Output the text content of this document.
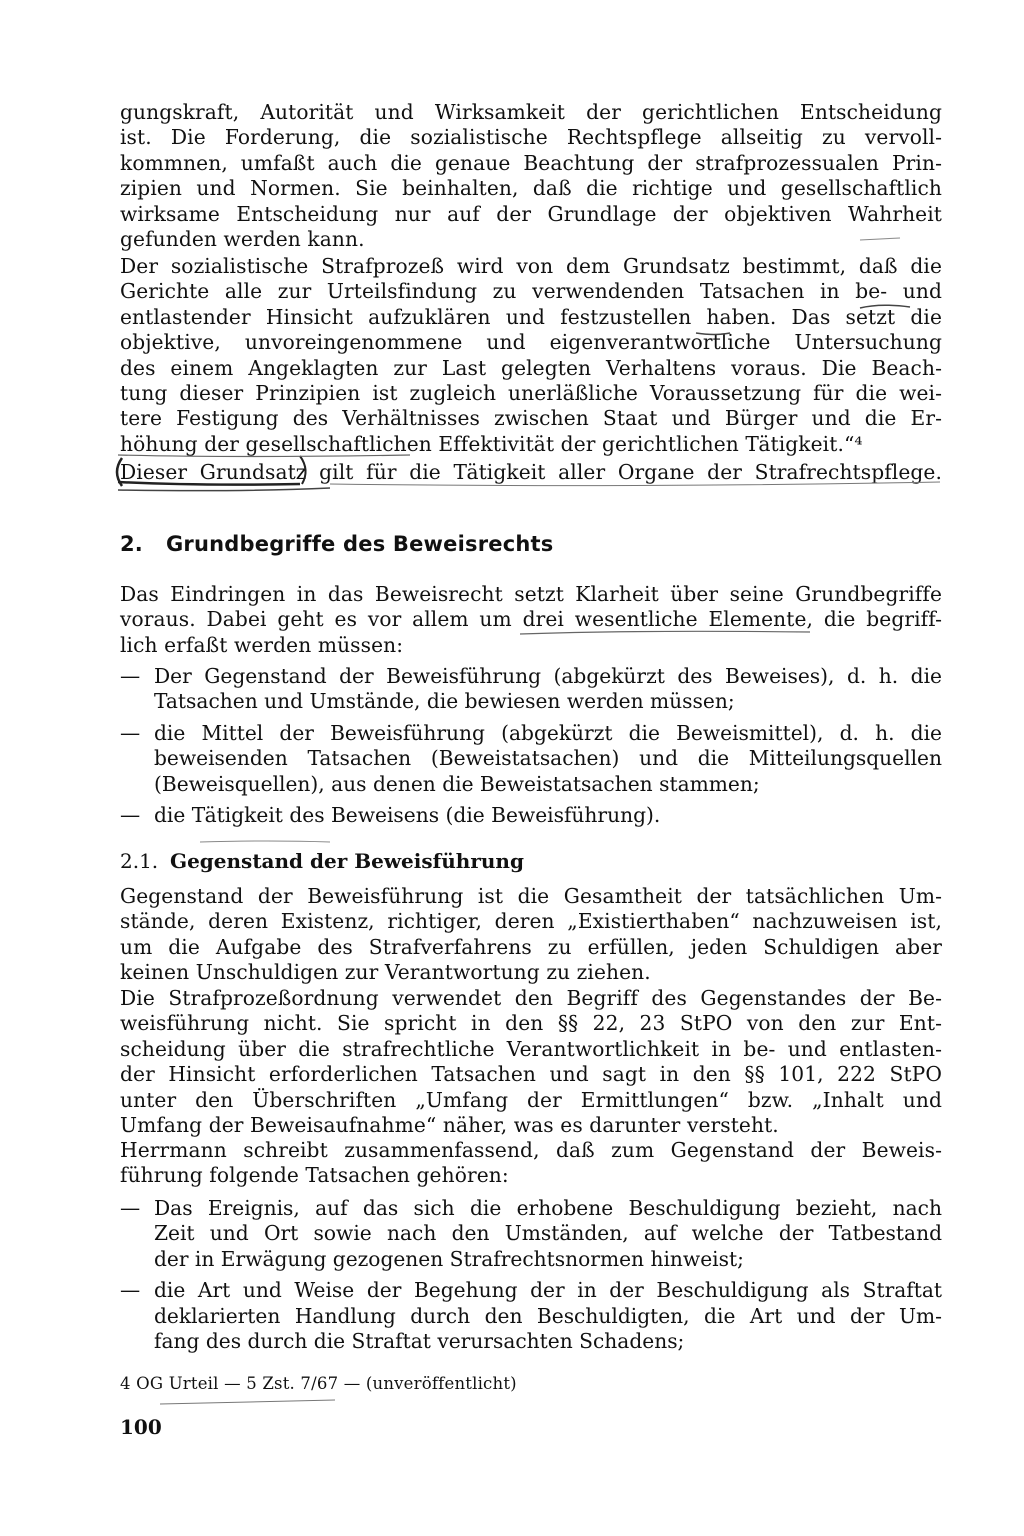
gungskraft, Autorität und Wirksamkeit der gerichtlichen Entscheidung
ist. Die Forderung, die sozialistische Rechtspflege allseitig zu vervoll-
kommnen, umfaßt auch die genaue Beachtung der strafprozessualen Prin-
zipien und Normen. Sie beinhalten, daß die richtige und gesellschaftlich
wirksame Entscheidung nur auf der Grundlage der objektiven Wahrheit
gefunden werden kann.
Der sozialistische Strafprozeß wird von dem Grundsatz bestimmt, daß die
Gerichte alle zur Urteilsfindung zu verwendenden Tatsachen in be- und
entlastender Hinsicht aufzuklären und festzustellen haben. Das setzt die
objektive, unvoreingenommene und eigenverantwortliche Untersuchung
des einem Angeklagten zur Last gelegten Verhaltens voraus. Die Beach-
tung dieser Prinzipien ist zugleich unerläßliche Voraussetzung für die wei-
tere Festigung des Verhältnisses zwischen Staat und Bürger und die Er-
höhung der gesellschaftlichen Effektivität der gerichtlichen Tätigkeit.“⁴
Dieser Grundsatz gilt für die Tätigkeit aller Organe der Strafrechtspflege.
2. Grundbegriffe des Beweisrechts
Das Eindringen in das Beweisrecht setzt Klarheit über seine Grundbegriffe
voraus. Dabei geht es vor allem um drei wesentliche Elemente, die begriff-
lich erfaßt werden müssen:
— Der Gegenstand der Beweisführung (abgekürzt des Beweises), d. h. die
Tatsachen und Umstände, die bewiesen werden müssen;
— die Mittel der Beweisführung (abgekürzt die Beweismittel), d. h. die
beweisenden Tatsachen (Beweistatsachen) und die Mitteilungsquellen
(Beweisquellen), aus denen die Beweistatsachen stammen;
— die Tätigkeit des Beweisens (die Beweisführung).
2.1. Gegenstand der Beweisführung
Gegenstand der Beweisführung ist die Gesamtheit der tatsächlichen Um-
stände, deren Existenz, richtiger, deren „Existierthaben“ nachzuweisen ist,
um die Aufgabe des Strafverfahrens zu erfüllen, jeden Schuldigen aber
keinen Unschuldigen zur Verantwortung zu ziehen.
Die Strafprozeßordnung verwendet den Begriff des Gegenstandes der Be-
weisführung nicht. Sie spricht in den §§ 22, 23 StPO von den zur Ent-
scheidung über die strafrechtliche Verantwortlichkeit in be- und entlasten-
der Hinsicht erforderlichen Tatsachen und sagt in den §§ 101, 222 StPO
unter den Überschriften „Umfang der Ermittlungen“ bzw. „Inhalt und
Umfang der Beweisaufnahme“ näher, was es darunter versteht.
Herrmann schreibt zusammenfassend, daß zum Gegenstand der Beweis-
führung folgende Tatsachen gehören:
— Das Ereignis, auf das sich die erhobene Beschuldigung bezieht, nach
Zeit und Ort sowie nach den Umständen, auf welche der Tatbestand
der in Erwägung gezogenen Strafrechtsnormen hinweist;
— die Art und Weise der Begehung der in der Beschuldigung als Straftat
deklarierten Handlung durch den Beschuldigten, die Art und der Um-
fang des durch die Straftat verursachten Schadens;
4 OG Urteil — 5 Zst. 7/67 — (unveröffentlicht)
100
